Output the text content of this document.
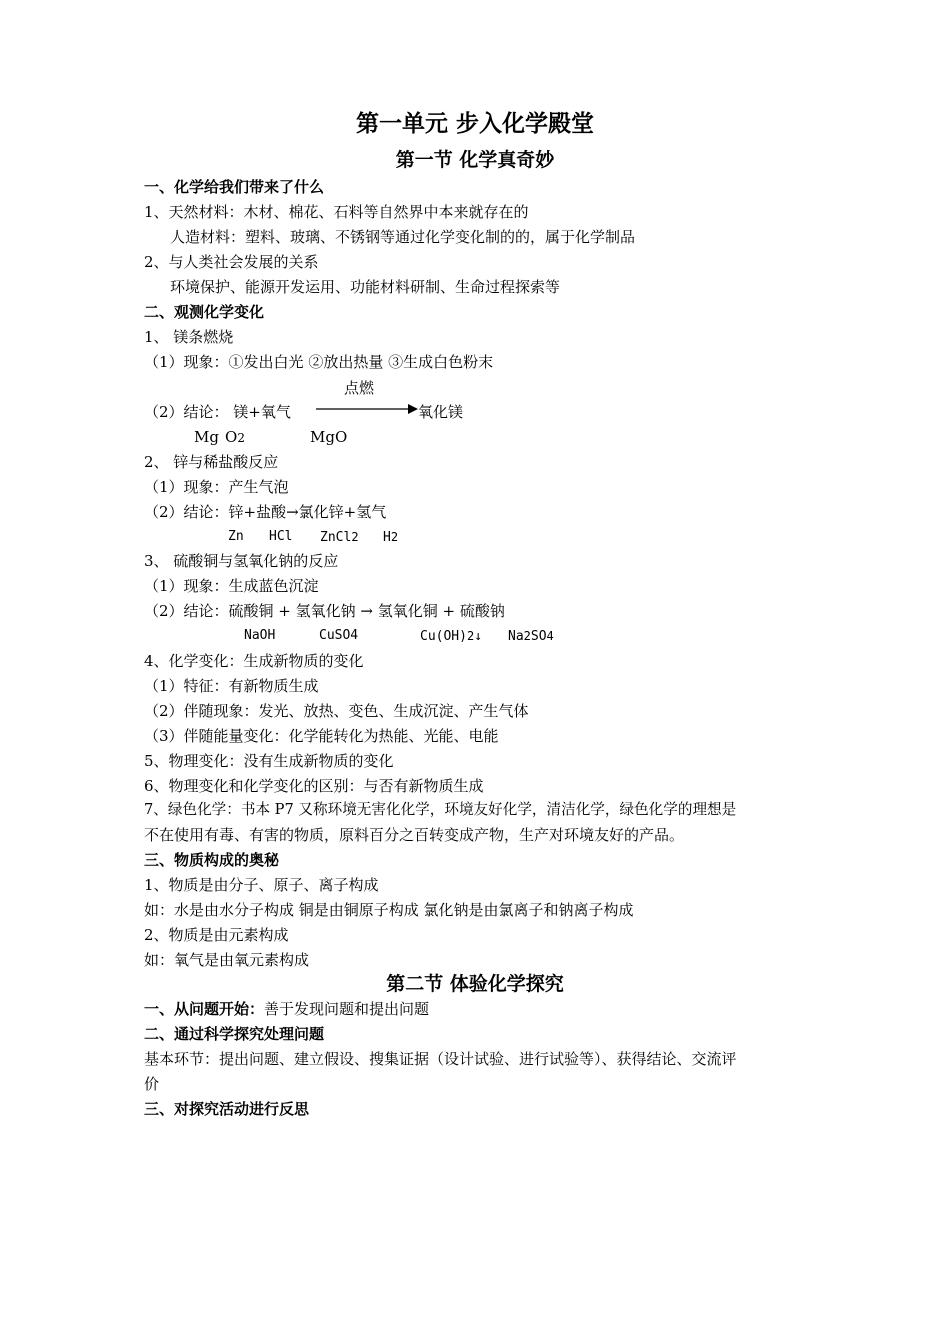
第一单元 步入化学殿堂
第一节 化学真奇妙
一、化学给我们带来了什么
1、天然材料：木材、棉花、石料等自然界中本来就存在的
人造材料：塑料、玻璃、不锈钢等通过化学变化制的的，属于化学制品
2、与人类社会发展的关系
环境保护、能源开发运用、功能材料研制、生命过程探索等
二、观测化学变化
1、 镁条燃烧
（1）现象：①发出白光 ②放出热量 ③生成白色粉末
点燃
（2）结论： 镁+氧气	氧化镁
Mg O2	MgO
2、 锌与稀盐酸反应
（1）现象：产生气泡
（2）结论：锌+盐酸→氯化锌+氢气
Zn HCl ZnCl2 H2
3、 硫酸铜与氢氧化钠的反应
（1）现象：生成蓝色沉淀
（2）结论：硫酸铜 + 氢氧化钠 → 氢氧化铜 + 硫酸钠
NaOH	CuSO4	Cu(OH)2↓ Na2SO4
4、化学变化：生成新物质的变化
（1）特征：有新物质生成
（2）伴随现象：发光、放热、变色、生成沉淀、产生气体
（3）伴随能量变化：化学能转化为热能、光能、电能
5、物理变化：没有生成新物质的变化
6、物理变化和化学变化的区别：与否有新物质生成
7、绿色化学：书本 P7 又称环境无害化化学，环境友好化学，清洁化学，绿色化学的理想是
不在使用有毒、有害的物质，原料百分之百转变成产物，生产对环境友好的产品。
三、物质构成的奥秘
1、物质是由分子、原子、离子构成
如：水是由水分子构成 铜是由铜原子构成 氯化钠是由氯离子和钠离子构成
2、物质是由元素构成
如：氧气是由氧元素构成
第二节 体验化学探究
一、从问题开始：善于发现问题和提出问题
二、通过科学探究处理问题
基本环节：提出问题、建立假设、搜集证据（设计试验、进行试验等）、获得结论、交流评
价
三、对探究活动进行反思
